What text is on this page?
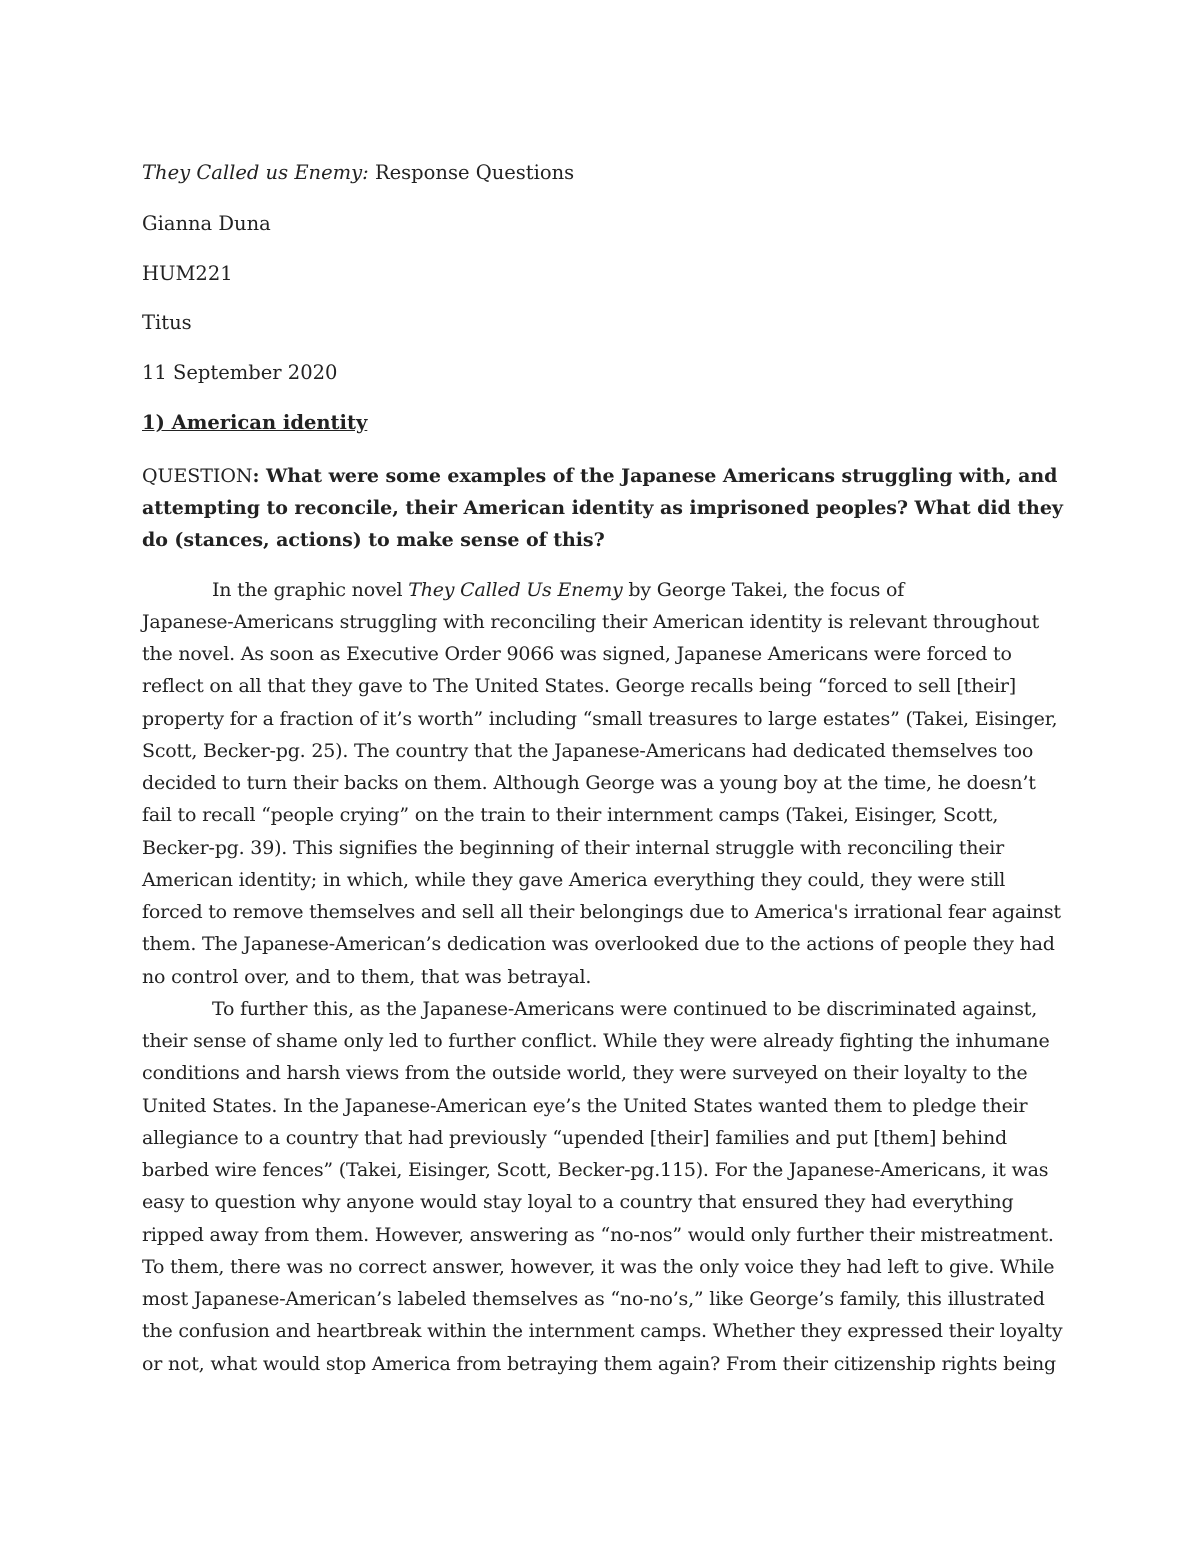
They Called us Enemy: Response Questions

Gianna Duna

HUM221

Titus

11 September 2020

1) American identity

QUESTION: What were some examples of the Japanese Americans struggling with, and attempting to reconcile, their American identity as imprisoned peoples? What did they do (stances, actions) to make sense of this?

In the graphic novel They Called Us Enemy by George Takei, the focus of

Japanese-Americans struggling with reconciling their American identity is relevant throughout

the novel. As soon as Executive Order 9066 was signed, Japanese Americans were forced to

reflect on all that they gave to The United States. George recalls being “forced to sell [their]

property for a fraction of it’s worth” including “small treasures to large estates” (Takei, Eisinger,

Scott, Becker-pg. 25). The country that the Japanese-Americans had dedicated themselves too

decided to turn their backs on them. Although George was a young boy at the time, he doesn’t

fail to recall “people crying” on the train to their internment camps (Takei, Eisinger, Scott,

Becker-pg. 39). This signifies the beginning of their internal struggle with reconciling their

American identity; in which, while they gave America everything they could, they were still

forced to remove themselves and sell all their belongings due to America's irrational fear against

them. The Japanese-American’s dedication was overlooked due to the actions of people they had

no control over, and to them, that was betrayal.

To further this, as the Japanese-Americans were continued to be discriminated against,

their sense of shame only led to further conflict. While they were already fighting the inhumane

conditions and harsh views from the outside world, they were surveyed on their loyalty to the

United States. In the Japanese-American eye’s the United States wanted them to pledge their

allegiance to a country that had previously “upended [their] families and put [them] behind

barbed wire fences” (Takei, Eisinger, Scott, Becker-pg.115). For the Japanese-Americans, it was

easy to question why anyone would stay loyal to a country that ensured they had everything

ripped away from them. However, answering as “no-nos” would only further their mistreatment.

To them, there was no correct answer, however, it was the only voice they had left to give. While

most Japanese-American’s labeled themselves as “no-no’s,” like George’s family, this illustrated

the confusion and heartbreak within the internment camps. Whether they expressed their loyalty

or not, what would stop America from betraying them again? From their citizenship rights being
